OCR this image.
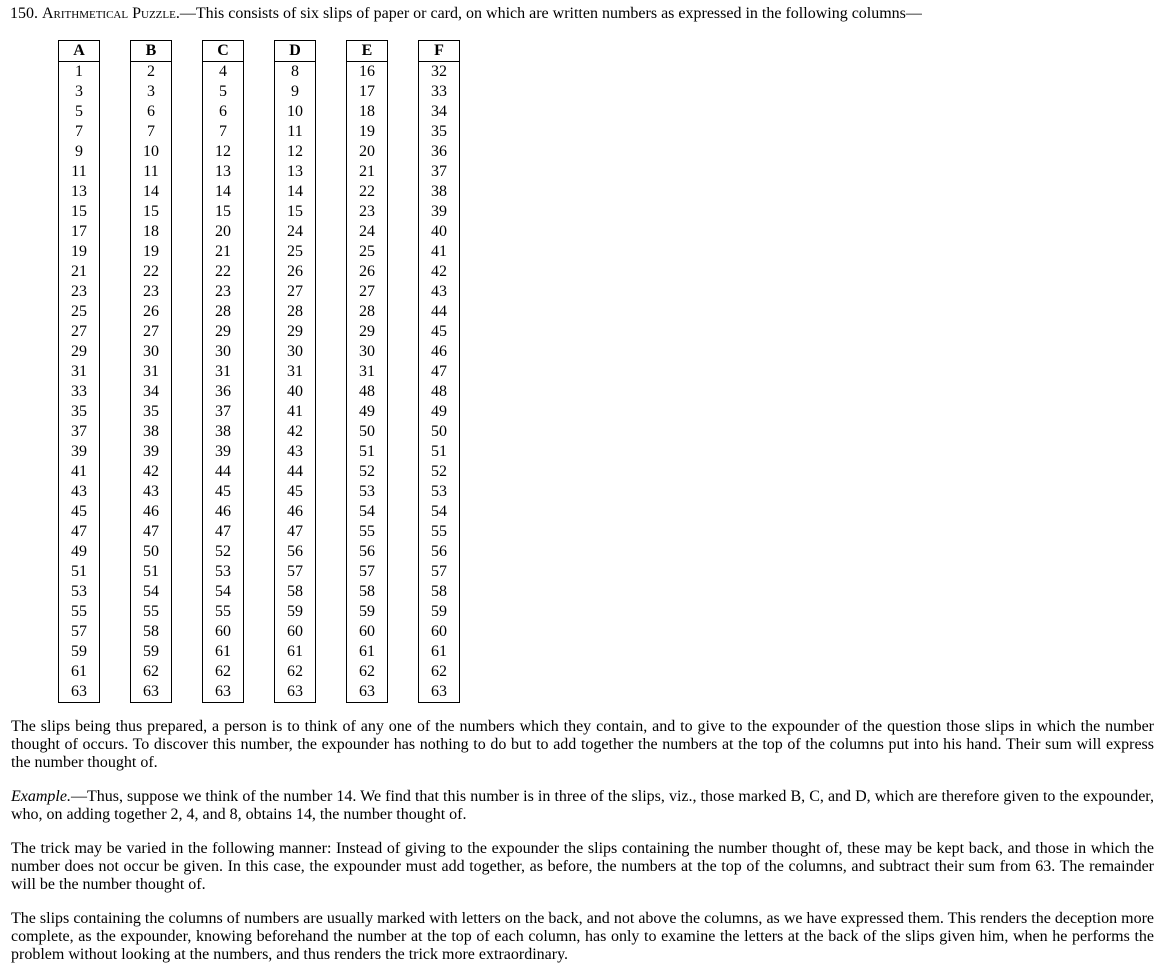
150. Arithmetical Puzzle.—This consists of six slips of paper or card, on which are written numbers as expressed in the following columns—
A
1
3
5
7
9
11
13
15
17
19
21
23
25
27
29
31
33
35
37
39
41
43
45
47
49
51
53
55
57
59
61
63
B
2
3
6
7
10
11
14
15
18
19
22
23
26
27
30
31
34
35
38
39
42
43
46
47
50
51
54
55
58
59
62
63
C
4
5
6
7
12
13
14
15
20
21
22
23
28
29
30
31
36
37
38
39
44
45
46
47
52
53
54
55
60
61
62
63
D
8
9
10
11
12
13
14
15
24
25
26
27
28
29
30
31
40
41
42
43
44
45
46
47
56
57
58
59
60
61
62
63
E
16
17
18
19
20
21
22
23
24
25
26
27
28
29
30
31
48
49
50
51
52
53
54
55
56
57
58
59
60
61
62
63
F
32
33
34
35
36
37
38
39
40
41
42
43
44
45
46
47
48
49
50
51
52
53
54
55
56
57
58
59
60
61
62
63

The slips being thus prepared, a person is to think of any one of the numbers which they contain, and to give to the expounder of the question those slips in which the number thought of occurs. To discover this number, the expounder has nothing to do but to add together the numbers at the top of the columns put into his hand. Their sum will express the number thought of.

Example.—Thus, suppose we think of the number 14. We find that this number is in three of the slips, viz., those marked B, C, and D, which are therefore given to the expounder, who, on adding together 2, 4, and 8, obtains 14, the number thought of.

The trick may be varied in the following manner: Instead of giving to the expounder the slips containing the number thought of, these may be kept back, and those in which the number does not occur be given. In this case, the expounder must add together, as before, the numbers at the top of the columns, and subtract their sum from 63. The remainder will be the number thought of.

The slips containing the columns of numbers are usually marked with letters on the back, and not above the columns, as we have expressed them. This renders the deception more complete, as the expounder, knowing beforehand the number at the top of each column, has only to examine the letters at the back of the slips given him, when he performs the problem without looking at the numbers, and thus renders the trick more extraordinary.
